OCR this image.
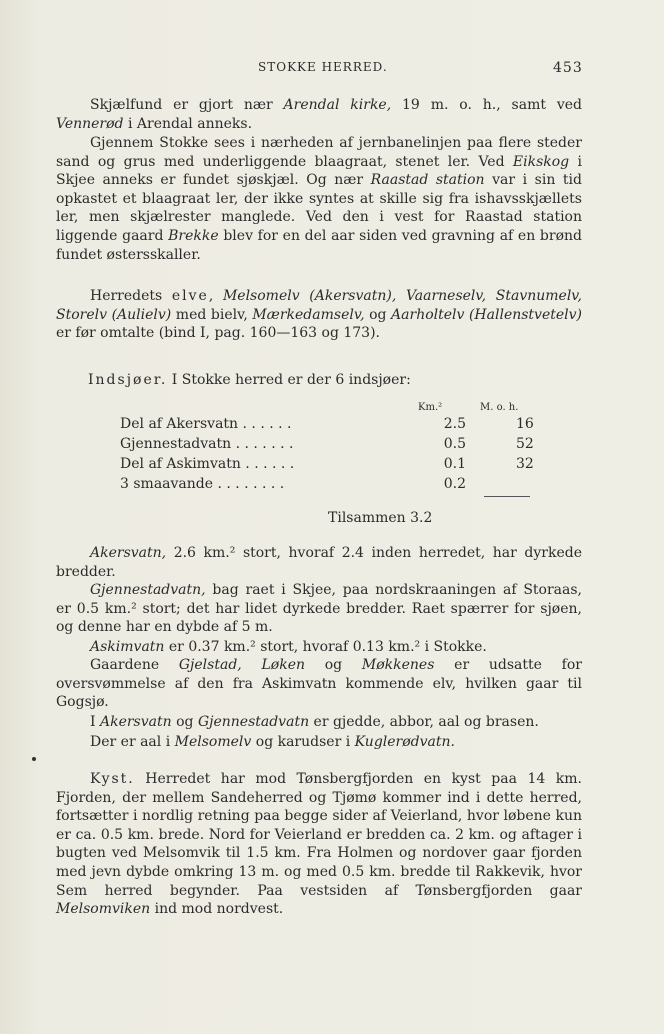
STOKKE HERRED.	453

Skjælfund er gjort nær Arendal kirke, 19 m. o. h., samt ved Vennerød i Arendal anneks.

Gjennem Stokke sees i nærheden af jernbanelinjen paa flere steder sand og grus med underliggende blaagraat, stenet ler. Ved Eikskog i Skjee anneks er fundet sjøskjæl. Og nær Raastad station var i sin tid opkastet et blaagraat ler, der ikke syntes at skille sig fra ishavsskjællets ler, men skjælrester manglede. Ved den i vest for Raastad station liggende gaard Brekke blev for en del aar siden ved gravning af en brønd fundet østersskaller.

Herredets elve, Melsomelv (Akersvatn), Vaarneselv, Stavnumelv, Storelv (Aulielv) med bielv, Mærkedamselv, og Aarholtelv (Hallenstvetelv) er før omtalte (bind I, pag. 160—163 og 173).

Indsjøer. I Stokke herred er der 6 indsjøer:
Km.²	M. o. h.
Del af Akersvatn . . . . . .	2.5	16
Gjennestadvatn . . . . . . .	0.5	52
Del af Askimvatn . . . . . .	0.1	32
3 smaavande . . . . . . . .	0.2
Tilsammen 3.2

Akersvatn, 2.6 km.² stort, hvoraf 2.4 inden herredet, har dyrkede bredder.

Gjennestadvatn, bag raet i Skjee, paa nordskraaningen af Storaas, er 0.5 km.² stort; det har lidet dyrkede bredder. Raet spærrer for sjøen, og denne har en dybde af 5 m.

Askimvatn er 0.37 km.² stort, hvoraf 0.13 km.² i Stokke.

Gaardene Gjelstad, Løken og Møkkenes er udsatte for oversvømmelse af den fra Askimvatn kommende elv, hvilken gaar til Gogsjø.

I Akersvatn og Gjennestadvatn er gjedde, abbor, aal og brasen.

Der er aal i Melsomelv og karudser i Kuglerødvatn.

Kyst. Herredet har mod Tønsbergfjorden en kyst paa 14 km. Fjorden, der mellem Sandeherred og Tjømø kommer ind i dette herred, fortsætter i nordlig retning paa begge sider af Veierland, hvor løbene kun er ca. 0.5 km. brede. Nord for Veierland er bredden ca. 2 km. og aftager i bugten ved Melsomvik til 1.5 km. Fra Holmen og nordover gaar fjorden med jevn dybde omkring 13 m. og med 0.5 km. bredde til Rakkevik, hvor Sem herred begynder. Paa vestsiden af Tønsbergfjorden gaar Melsomviken ind mod nordvest.
